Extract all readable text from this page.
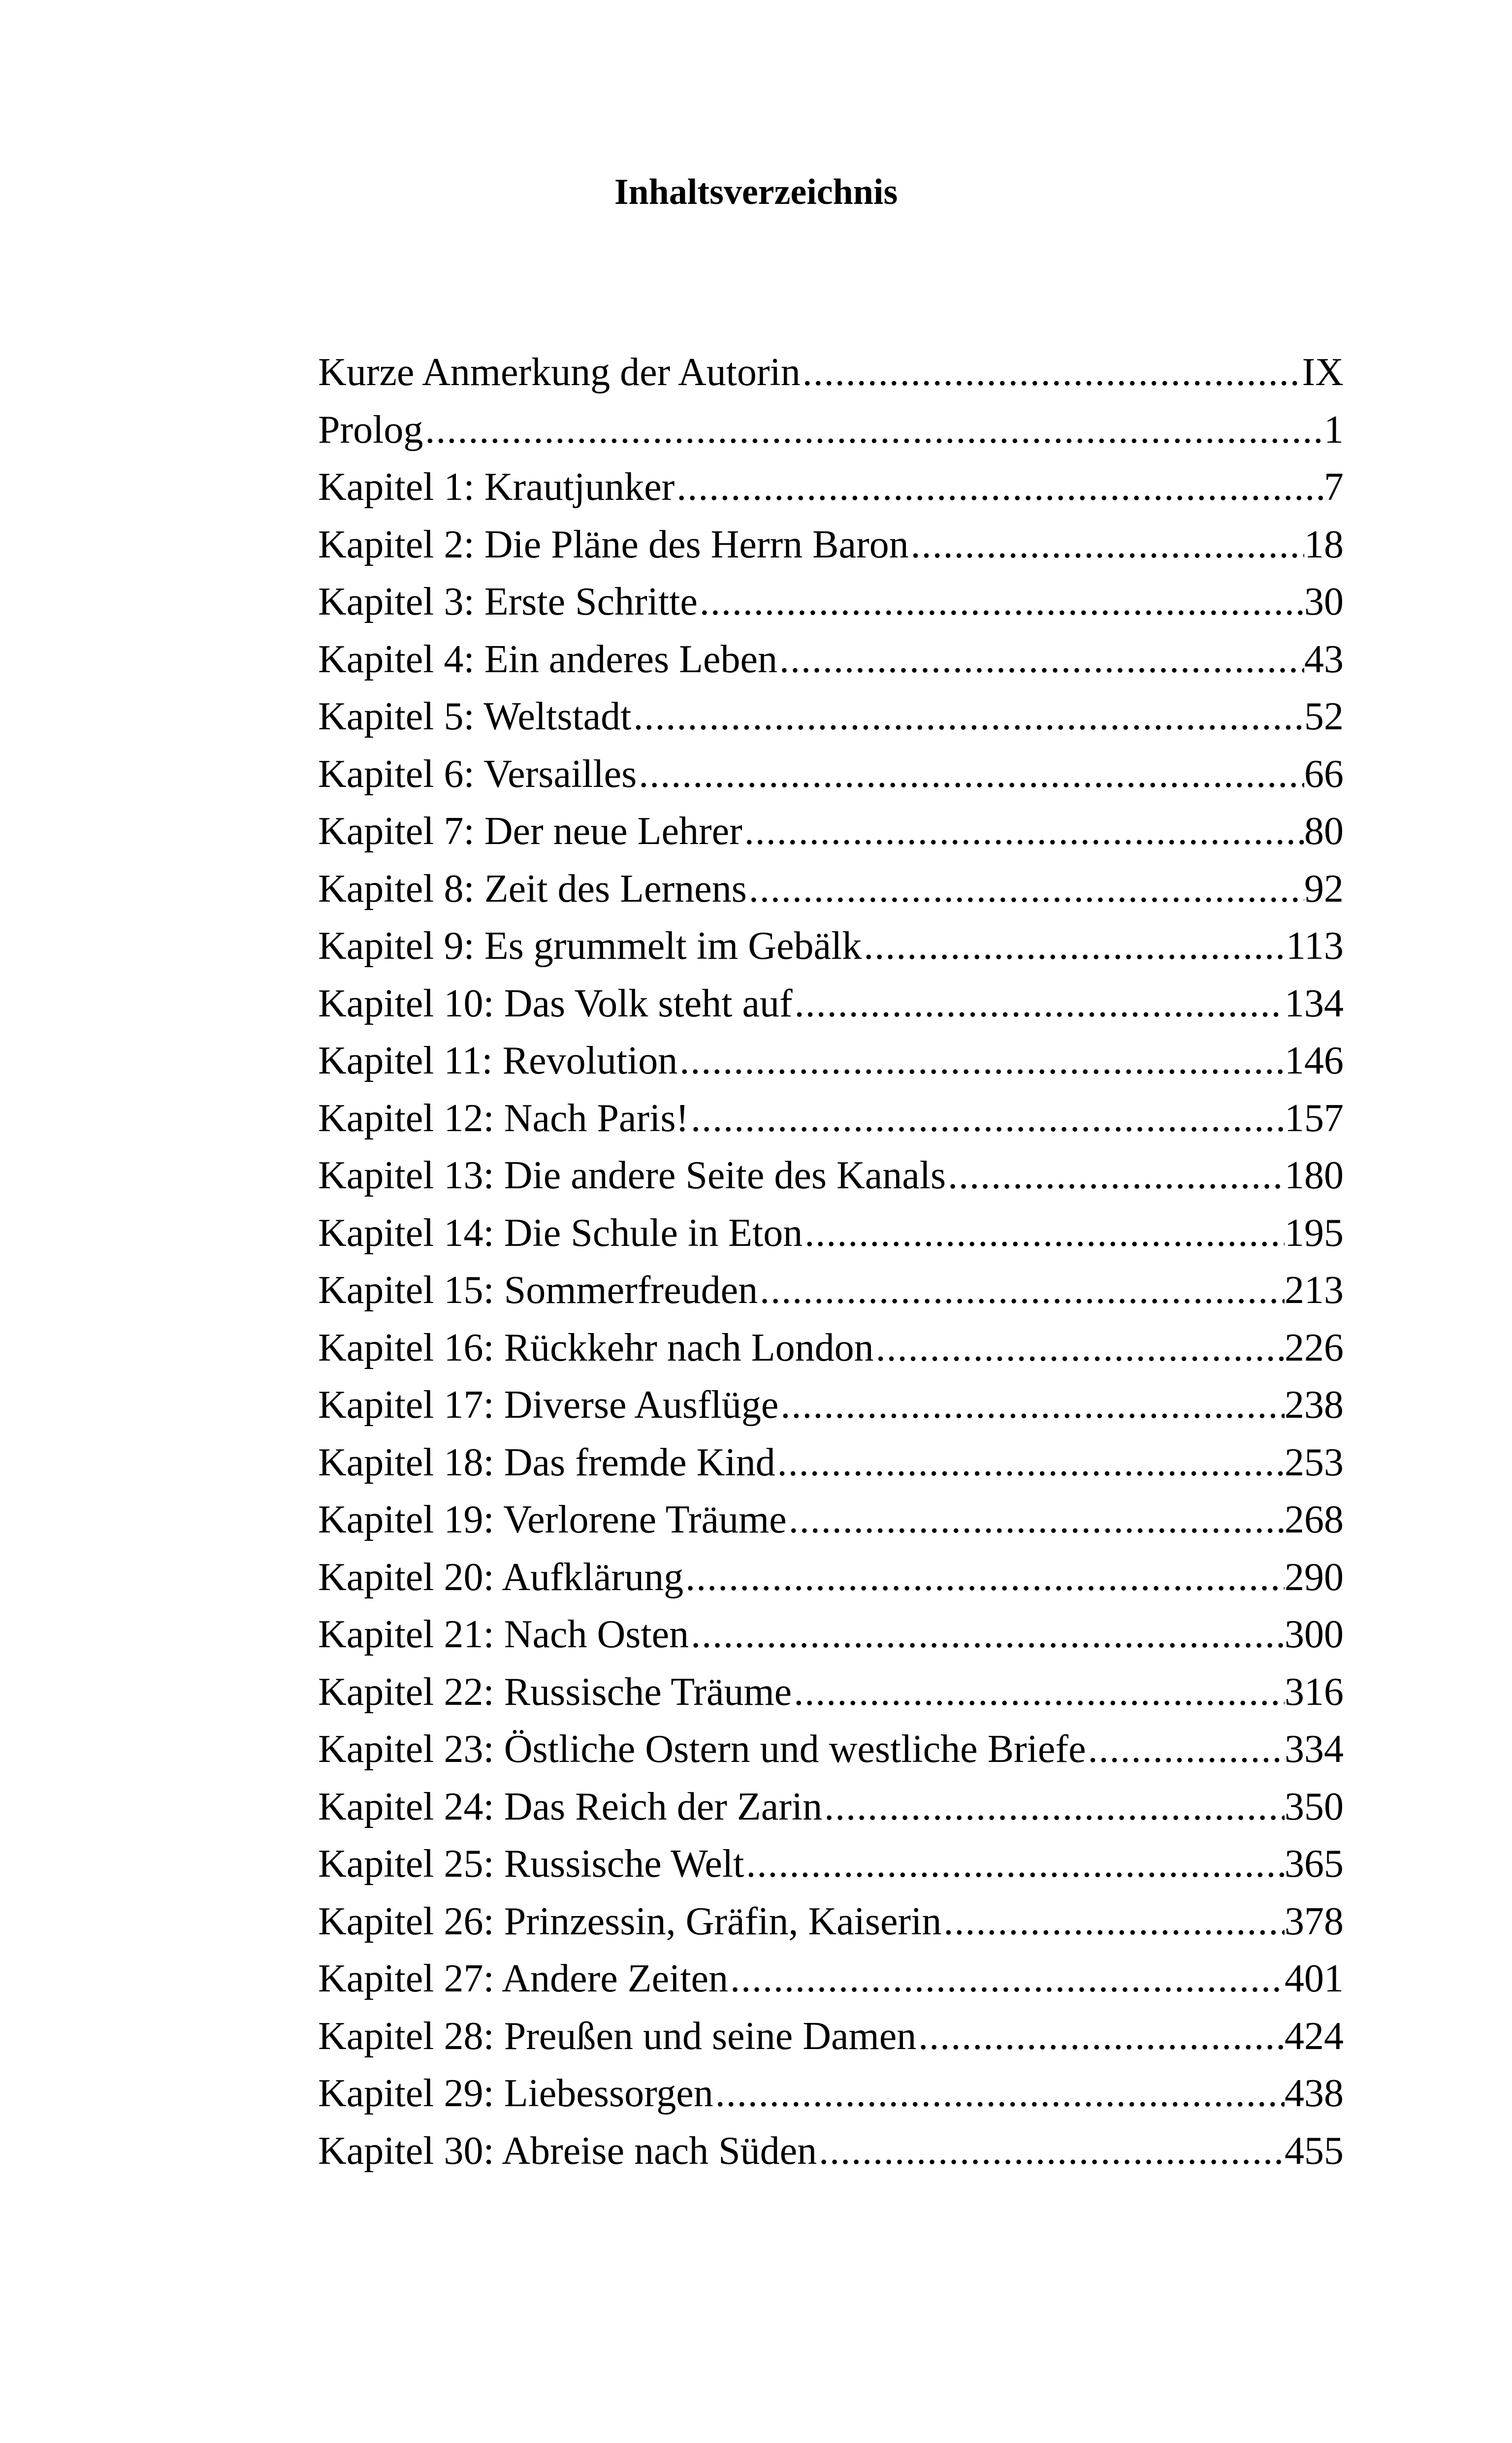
Inhaltsverzeichnis
Kurze Anmerkung der Autorin .....	IX
Prolog .....	1
Kapitel 1: Krautjunker .....	7
Kapitel 2: Die Pläne des Herrn Baron .....	18
Kapitel 3: Erste Schritte .....	30
Kapitel 4: Ein anderes Leben .....	43
Kapitel 5: Weltstadt .....	52
Kapitel 6: Versailles .....	66
Kapitel 7: Der neue Lehrer .....	80
Kapitel 8: Zeit des Lernens .....	92
Kapitel 9: Es grummelt im Gebälk .....	113
Kapitel 10: Das Volk steht auf .....	134
Kapitel 11: Revolution .....	146
Kapitel 12: Nach Paris! .....	157
Kapitel 13: Die andere Seite des Kanals .....	180
Kapitel 14: Die Schule in Eton .....	195
Kapitel 15: Sommerfreuden .....	213
Kapitel 16: Rückkehr nach London .....	226
Kapitel 17: Diverse Ausflüge .....	238
Kapitel 18: Das fremde Kind .....	253
Kapitel 19: Verlorene Träume .....	268
Kapitel 20: Aufklärung .....	290
Kapitel 21: Nach Osten .....	300
Kapitel 22: Russische Träume .....	316
Kapitel 23: Östliche Ostern und westliche Briefe .....	334
Kapitel 24: Das Reich der Zarin .....	350
Kapitel 25: Russische Welt .....	365
Kapitel 26: Prinzessin, Gräfin, Kaiserin .....	378
Kapitel 27: Andere Zeiten .....	401
Kapitel 28: Preußen und seine Damen .....	424
Kapitel 29: Liebessorgen .....	438
Kapitel 30: Abreise nach Süden .....	455
